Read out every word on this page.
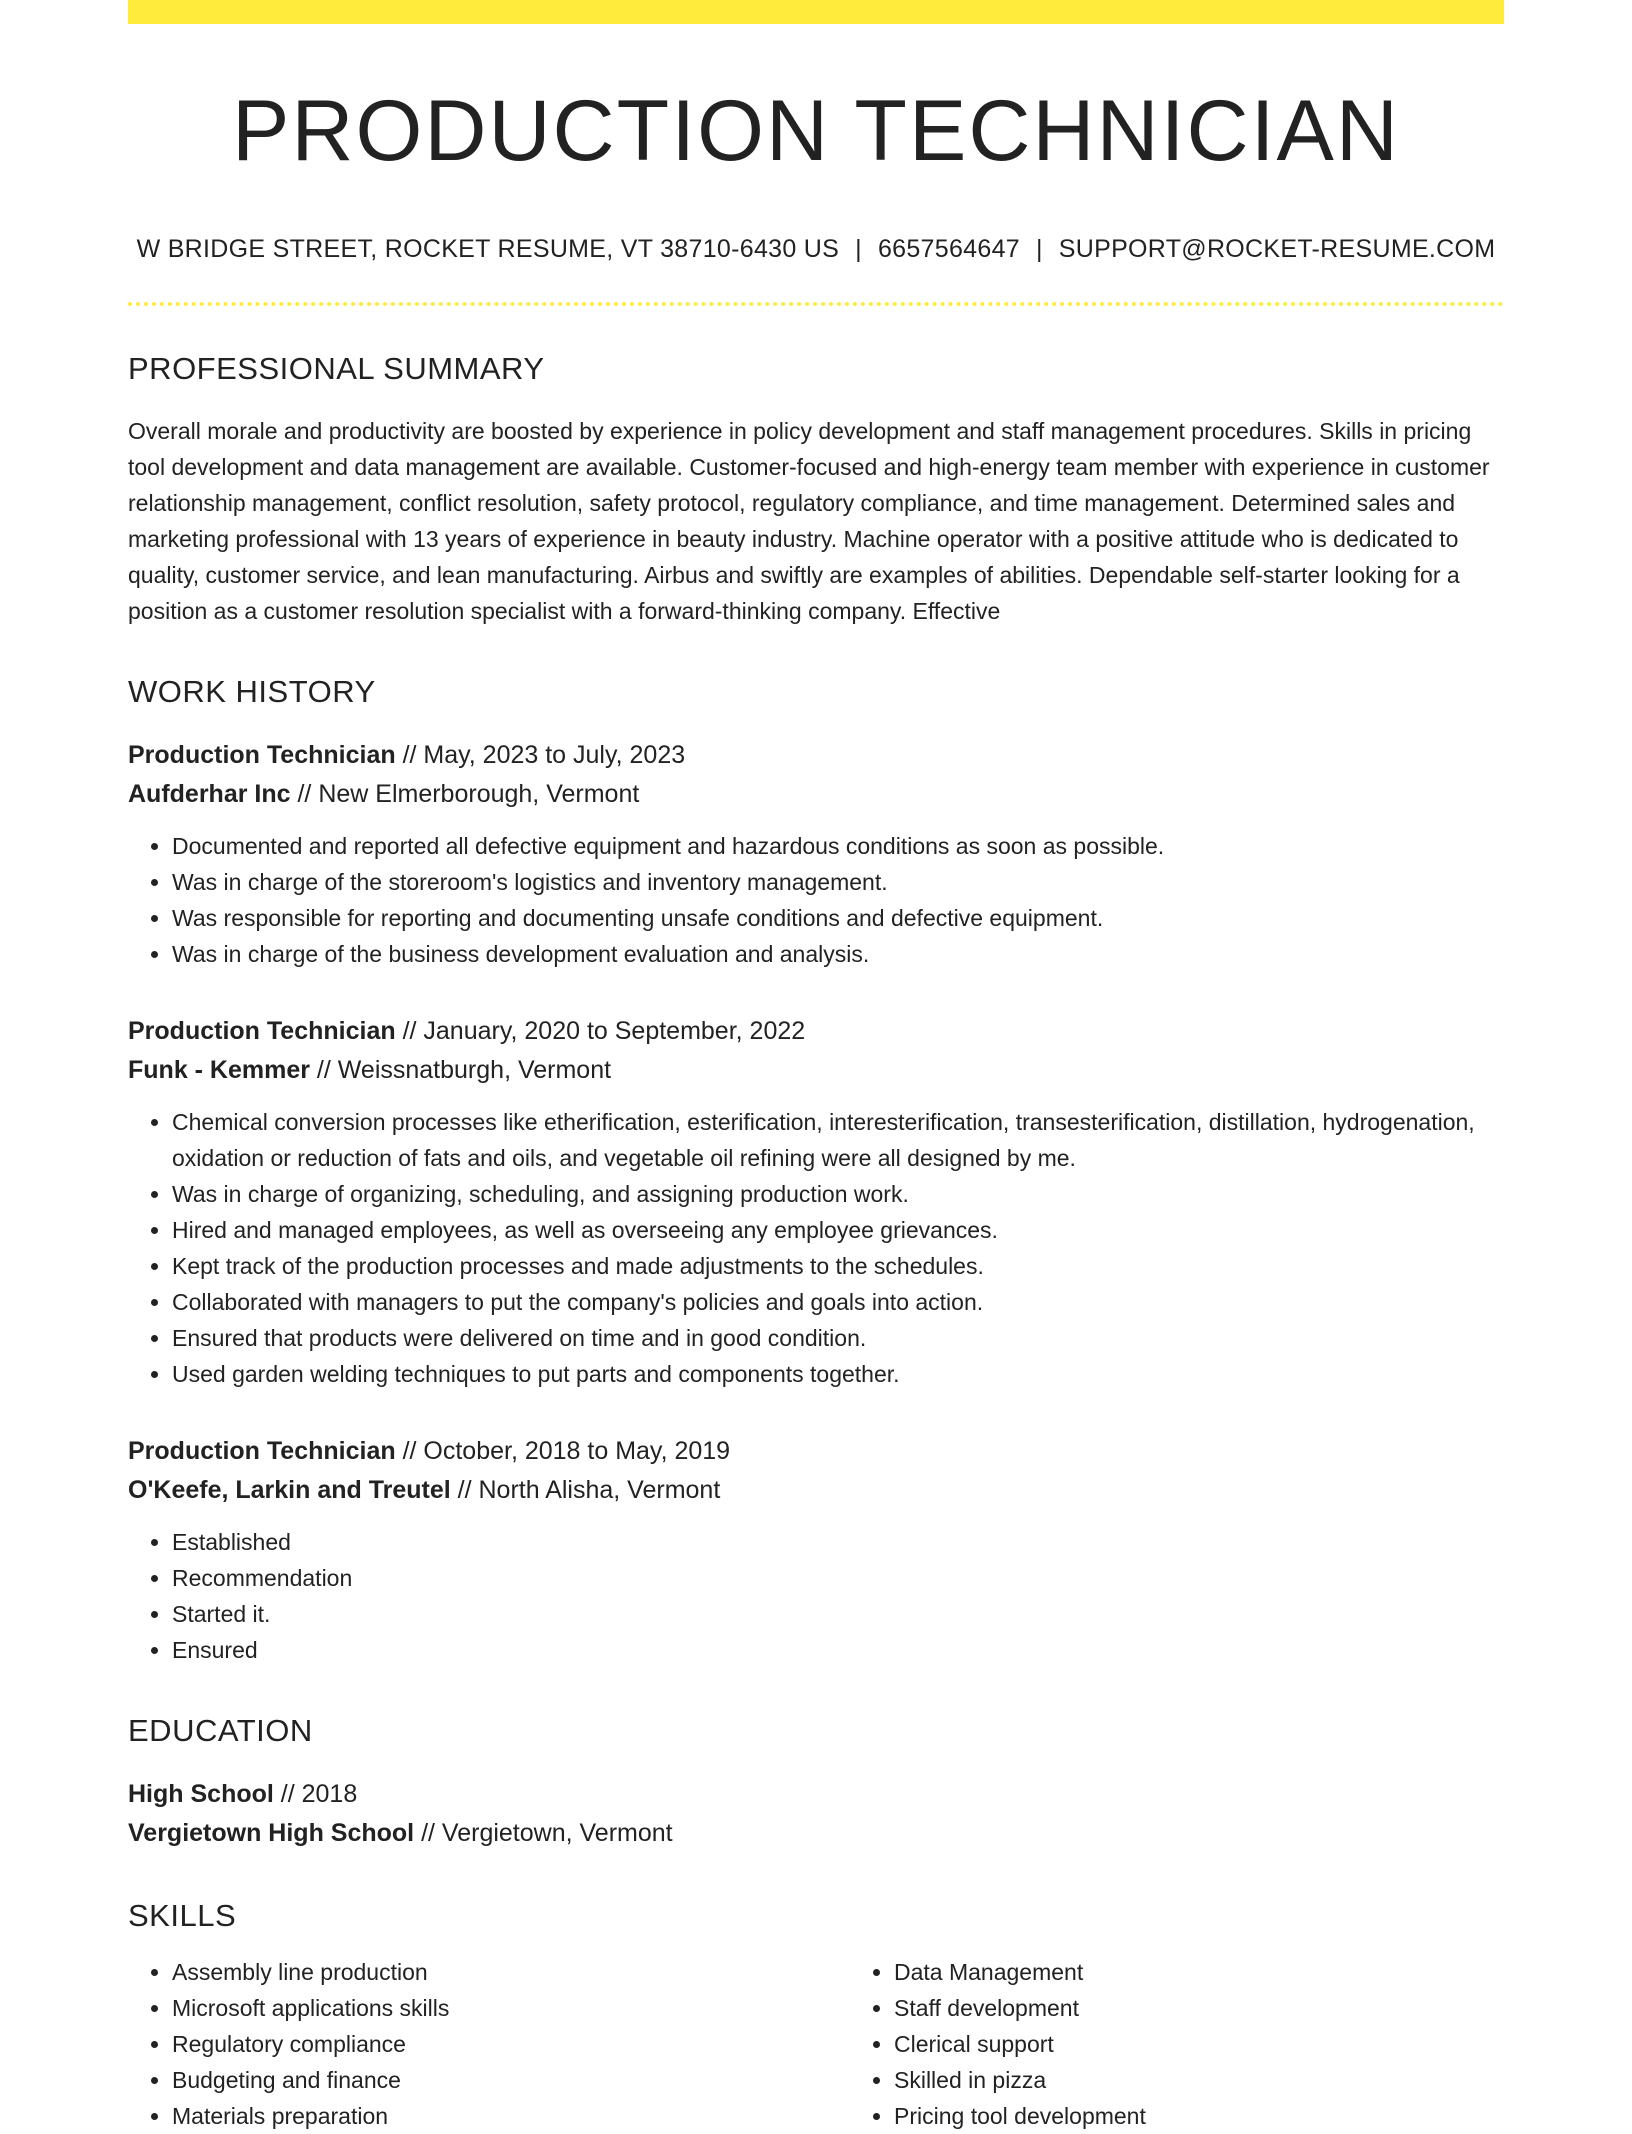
PRODUCTION TECHNICIAN
W BRIDGE STREET, ROCKET RESUME, VT 38710-6430 US | 6657564647 | SUPPORT@ROCKET-RESUME.COM
PROFESSIONAL SUMMARY
Overall morale and productivity are boosted by experience in policy development and staff management procedures. Skills in pricing tool development and data management are available. Customer-focused and high-energy team member with experience in customer relationship management, conflict resolution, safety protocol, regulatory compliance, and time management. Determined sales and marketing professional with 13 years of experience in beauty industry. Machine operator with a positive attitude who is dedicated to quality, customer service, and lean manufacturing. Airbus and swiftly are examples of abilities. Dependable self-starter looking for a position as a customer resolution specialist with a forward-thinking company. Effective
WORK HISTORY
Production Technician // May, 2023 to July, 2023
Aufderhar Inc // New Elmerborough, Vermont
• Documented and reported all defective equipment and hazardous conditions as soon as possible.
• Was in charge of the storeroom's logistics and inventory management.
• Was responsible for reporting and documenting unsafe conditions and defective equipment.
• Was in charge of the business development evaluation and analysis.
Production Technician // January, 2020 to September, 2022
Funk - Kemmer // Weissnatburgh, Vermont
• Chemical conversion processes like etherification, esterification, interesterification, transesterification, distillation, hydrogenation, oxidation or reduction of fats and oils, and vegetable oil refining were all designed by me.
• Was in charge of organizing, scheduling, and assigning production work.
• Hired and managed employees, as well as overseeing any employee grievances.
• Kept track of the production processes and made adjustments to the schedules.
• Collaborated with managers to put the company's policies and goals into action.
• Ensured that products were delivered on time and in good condition.
• Used garden welding techniques to put parts and components together.
Production Technician // October, 2018 to May, 2019
O'Keefe, Larkin and Treutel // North Alisha, Vermont
• Established
• Recommendation
• Started it.
• Ensured
EDUCATION
High School // 2018
Vergietown High School // Vergietown, Vermont
SKILLS
• Assembly line production
• Microsoft applications skills
• Regulatory compliance
• Budgeting and finance
• Materials preparation
• Data Management
• Staff development
• Clerical support
• Skilled in pizza
• Pricing tool development
